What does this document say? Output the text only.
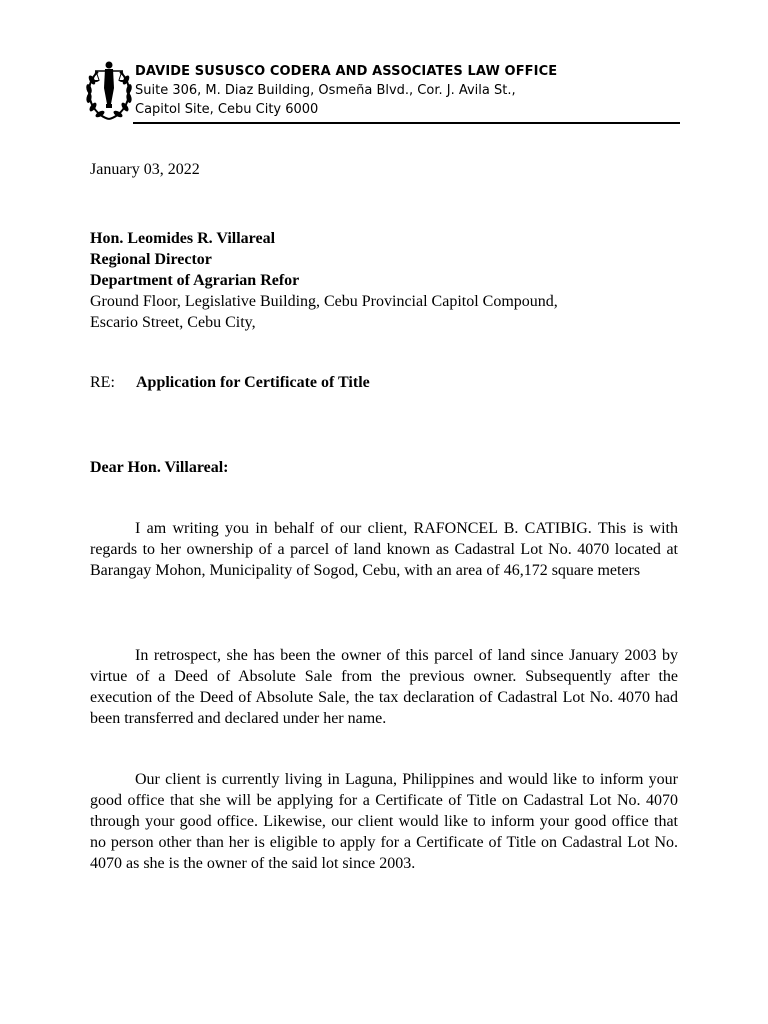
DAVIDE SUSUSCO CODERA AND ASSOCIATES LAW OFFICE
Suite 306, M. Diaz Building, Osmeña Blvd., Cor. J. Avila St.,
Capitol Site, Cebu City 6000
January 03, 2022
Hon. Leomides R. Villareal
Regional Director
Department of Agrarian Refor
Ground Floor, Legislative Building, Cebu Provincial Capitol Compound,
Escario Street, Cebu City,
RE: Application for Certificate of Title
Dear Hon. Villareal:

I am writing you in behalf of our client, RAFONCEL B. CATIBIG. This is with regards to her ownership of a parcel of land known as Cadastral Lot No. 4070 located at Barangay Mohon, Municipality of Sogod, Cebu, with an area of 46,172 square meters

In retrospect, she has been the owner of this parcel of land since January 2003 by virtue of a Deed of Absolute Sale from the previous owner. Subsequently after the execution of the Deed of Absolute Sale, the tax declaration of Cadastral Lot No. 4070 had been transferred and declared under her name.

Our client is currently living in Laguna, Philippines and would like to inform your good office that she will be applying for a Certificate of Title on Cadastral Lot No. 4070 through your good office. Likewise, our client would like to inform your good office that no person other than her is eligible to apply for a Certificate of Title on Cadastral Lot No. 4070 as she is the owner of the said lot since 2003.
